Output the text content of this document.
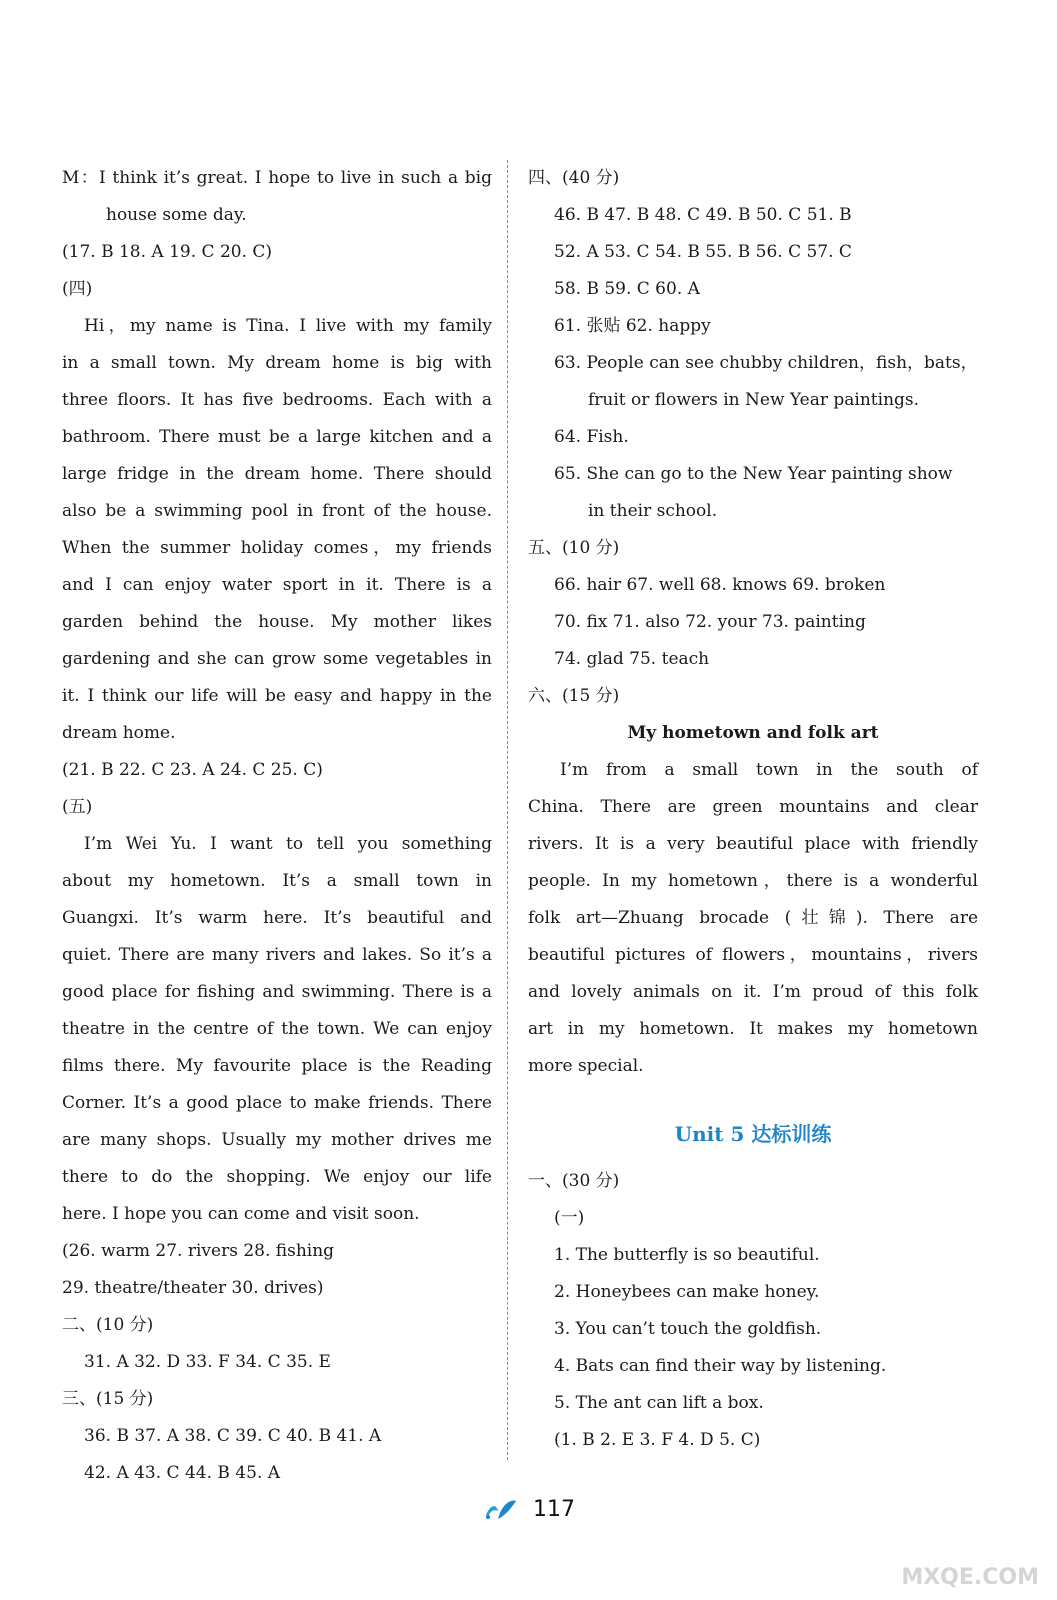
M：I think it’s great. I hope to live in such a big
house some day.
(17. B 18. A 19. C 20. C)
(四)
Hi，my name is Tina. I live with my family
in a small town. My dream home is big with
three floors. It has five bedrooms. Each with a
bathroom. There must be a large kitchen and a
large fridge in the dream home. There should
also be a swimming pool in front of the house.
When the summer holiday comes，my friends
and I can enjoy water sport in it. There is a
garden behind the house. My mother likes
gardening and she can grow some vegetables in
it. I think our life will be easy and happy in the
dream home.
(21. B 22. C 23. A 24. C 25. C)
(五)
I’m Wei Yu. I want to tell you something
about my hometown. It’s a small town in
Guangxi. It’s warm here. It’s beautiful and
quiet. There are many rivers and lakes. So it’s a
good place for fishing and swimming. There is a
theatre in the centre of the town. We can enjoy
films there. My favourite place is the Reading
Corner. It’s a good place to make friends. There
are many shops. Usually my mother drives me
there to do the shopping. We enjoy our life
here. I hope you can come and visit soon.
(26. warm 27. rivers 28. fishing
29. theatre/theater 30. drives)
二、(10 分)
31. A 32. D 33. F 34. C 35. E
三、(15 分)
36. B 37. A 38. C 39. C 40. B 41. A
42. A 43. C 44. B 45. A
四、(40 分)
46. B 47. B 48. C 49. B 50. C 51. B
52. A 53. C 54. B 55. B 56. C 57. C
58. B 59. C 60. A
61. 张贴 62. happy
63. People can see chubby children，fish，bats，
fruit or flowers in New Year paintings.
64. Fish.
65. She can go to the New Year painting show
in their school.
五、(10 分)
66. hair 67. well 68. knows 69. broken
70. fix 71. also 72. your 73. painting
74. glad 75. teach
六、(15 分)
My hometown and folk art
I’m from a small town in the south of
China. There are green mountains and clear
rivers. It is a very beautiful place with friendly
people. In my hometown，there is a wonderful
folk art—Zhuang brocade (壮锦). There are
beautiful pictures of flowers，mountains，rivers
and lovely animals on it. I’m proud of this folk
art in my hometown. It makes my hometown
more special.
Unit 5 达标训练
一、(30 分)
(一)
1. The butterfly is so beautiful.
2. Honeybees can make honey.
3. You can’t touch the goldfish.
4. Bats can find their way by listening.
5. The ant can lift a box.
(1. B 2. E 3. F 4. D 5. C)
117
MXQE.COM
